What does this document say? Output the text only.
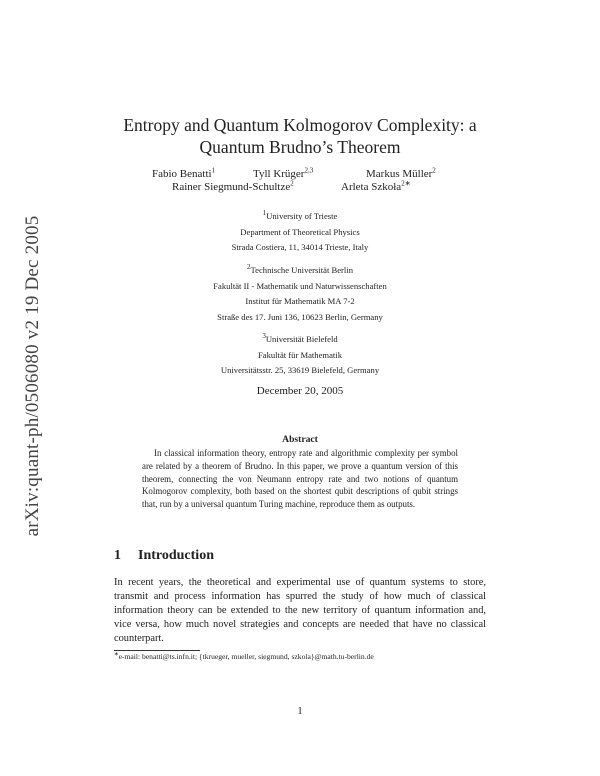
arXiv:quant-ph/0506080 v2 19 Dec 2005
Entropy and Quantum Kolmogorov Complexity: a
Quantum Brudno’s Theorem
Fabio Benatti$^1$	Tyll Krüger$^{2,3}$	Markus Müller$^2$
Rainer Siegmund-Schultze$^2$	Arleta Szkoła$^{2∗}$
$^1$University of Trieste
Department of Theoretical Physics
Strada Costiera, 11, 34014 Trieste, Italy
$^2$Technische Universität Berlin
Fakultät II - Mathematik und Naturwissenschaften
Institut für Mathematik MA 7-2
Straße des 17. Juni 136, 10623 Berlin, Germany
$^3$Universität Bielefeld
Fakultät für Mathematik
Universitätsstr. 25, 33619 Bielefeld, Germany
December 20, 2005
Abstract
In classical information theory, entropy rate and algorithmic complexity per symbol are related by a theorem of Brudno. In this paper, we prove a quantum version of this theorem, connecting the von Neumann entropy rate and two notions of quantum Kolmogorov complexity, both based on the shortest qubit descriptions of qubit strings that, run by a universal quantum Turing machine, reproduce them as outputs.
1 Introduction
In recent years, the theoretical and experimental use of quantum systems to store, transmit and process information has spurred the study of how much of classical information theory can be extended to the new territory of quantum information and, vice versa, how much novel strategies and concepts are needed that have no classical counterpart.
∗e-mail: benatti@ts.infn.it; {tkrueger, mueller, siegmund, szkola}@math.tu-berlin.de
1
